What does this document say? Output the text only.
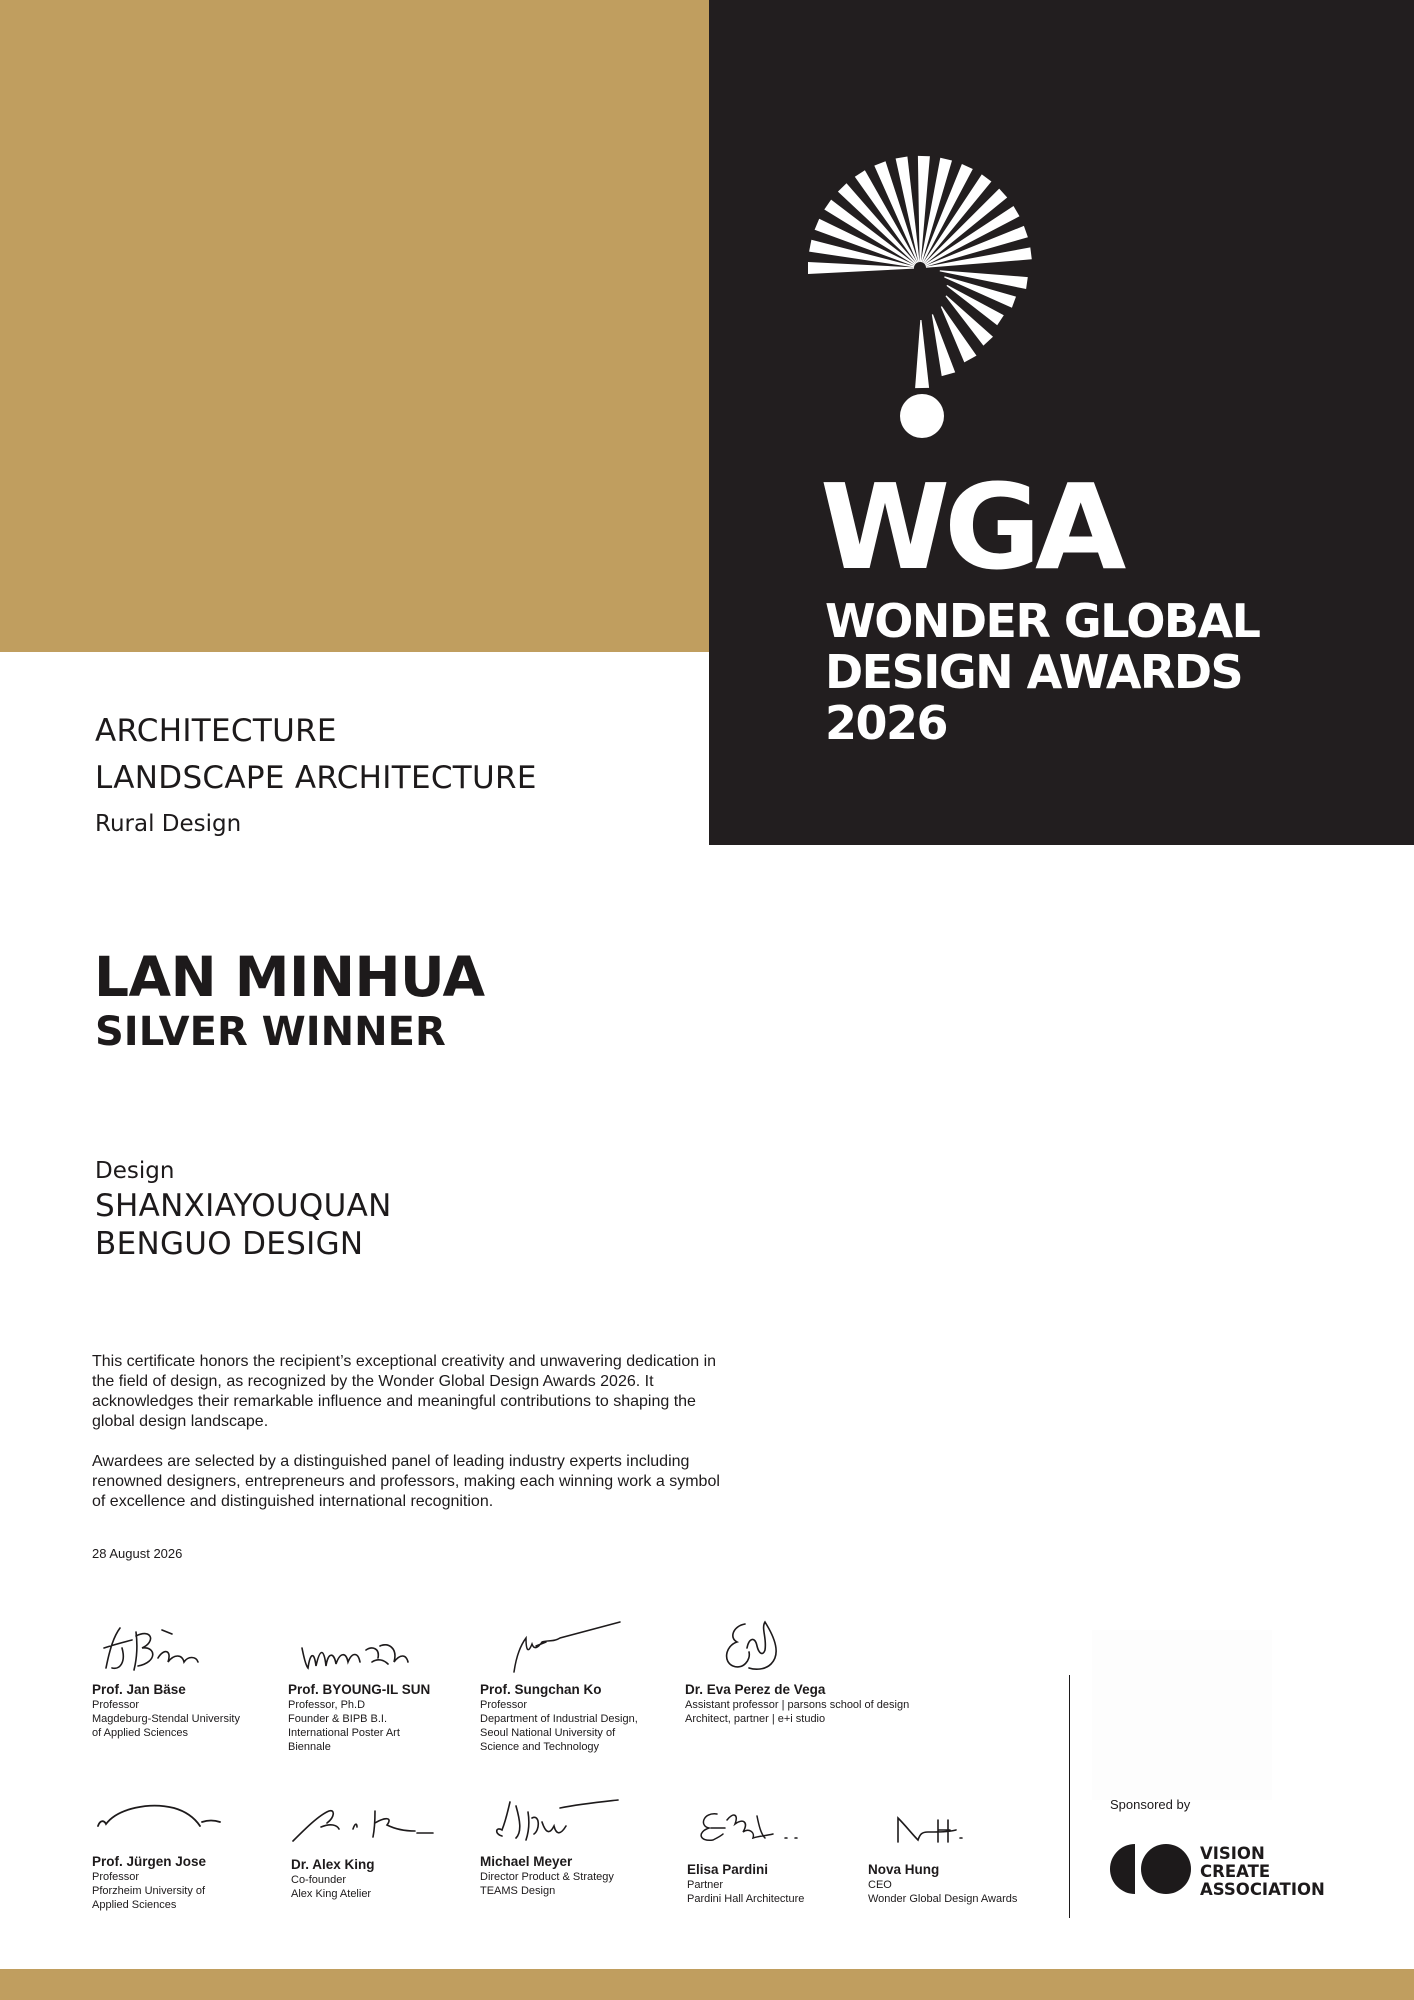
WGA
WONDER GLOBAL
DESIGN AWARDS
2026
ARCHITECTURE
LANDSCAPE ARCHITECTURE
Rural Design
LAN MINHUA
SILVER WINNER
Design
SHANXIAYOUQUAN
BENGUO DESIGN

This certificate honors the recipient’s exceptional creativity and unwavering dedication in the field of design, as recognized by the Wonder Global Design Awards 2026. It acknowledges their remarkable influence and meaningful contributions to shaping the global design landscape.

Awardees are selected by a distinguished panel of leading industry experts including renowned designers, entrepreneurs and professors, making each winning work a symbol of excellence and distinguished international recognition.

28 August 2026
Prof. Jan Bäse
Professor
Magdeburg-Stendal University
of Applied Sciences
Prof. BYOUNG-IL SUN
Professor, Ph.D
Founder & BIPB B.I.
International Poster Art
Biennale
Prof. Sungchan Ko
Professor
Department of Industrial Design,
Seoul National University of
Science and Technology
Dr. Eva Perez de Vega
Assistant professor | parsons school of design
Architect, partner | e+i studio
Prof. Jürgen Jose
Professor
Pforzheim University of
Applied Sciences
Dr. Alex King
Co-founder
Alex King Atelier
Michael Meyer
Director Product & Strategy
TEAMS Design
Elisa Pardini
Partner
Pardini Hall Architecture
Nova Hung
CEO
Wonder Global Design Awards
Sponsored by
VISION
CREATE
ASSOCIATION
